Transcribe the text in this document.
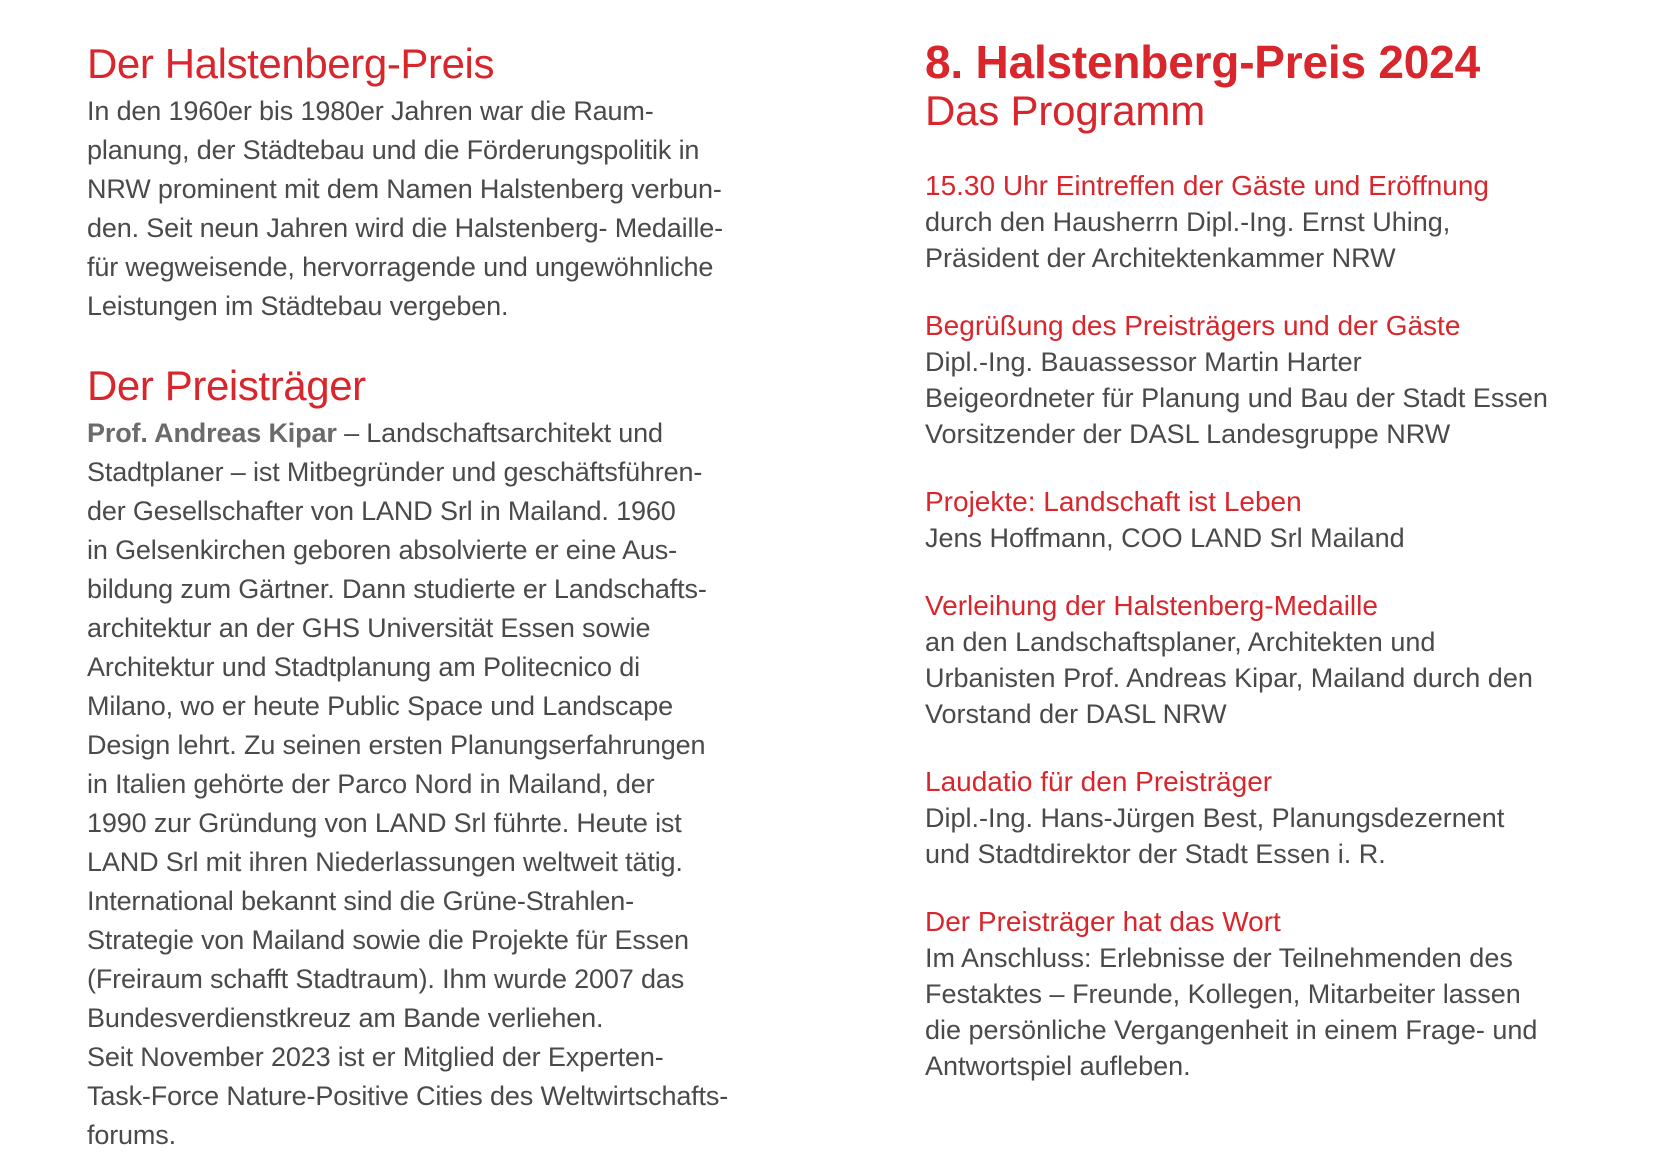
Der Halstenberg-Preis

In den 1960er bis 1980er Jahren war die Raum-
planung, der Städtebau und die Förderungspolitik in
NRW prominent mit dem Namen Halstenberg verbun-
den. Seit neun Jahren wird die Halstenberg- Medaille-
für wegweisende, hervorragende und ungewöhnliche
Leistungen im Städtebau vergeben.

Der Preisträger

Prof. Andreas Kipar – Landschaftsarchitekt und
Stadtplaner – ist Mitbegründer und geschäftsführen-
der Gesellschafter von LAND Srl in Mailand. 1960
in Gelsenkirchen geboren absolvierte er eine Aus-
bildung zum Gärtner. Dann studierte er Landschafts-
architektur an der GHS Universität Essen sowie
Architektur und Stadtplanung am Politecnico di
Milano, wo er heute Public Space und Landscape
Design lehrt. Zu seinen ersten Planungserfahrungen
in Italien gehörte der Parco Nord in Mailand, der
1990 zur Gründung von LAND Srl führte. Heute ist
LAND Srl mit ihren Niederlassungen weltweit tätig.
International bekannt sind die Grüne-Strahlen-
Strategie von Mailand sowie die Projekte für Essen
(Freiraum schafft Stadtraum). Ihm wurde 2007 das
Bundesverdienstkreuz am Bande verliehen.
Seit November 2023 ist er Mitglied der Experten-
Task-Force Nature-Positive Cities des Weltwirtschafts-
forums.

8. Halstenberg-Preis 2024
Das Programm
15.30 Uhr Eintreffen der Gäste und Eröffnung

durch den Hausherrn Dipl.-Ing. Ernst Uhing,
Präsident der Architektenkammer NRW

Begrüßung des Preisträgers und der Gäste

Dipl.-Ing. Bauassessor Martin Harter
Beigeordneter für Planung und Bau der Stadt Essen
Vorsitzender der DASL Landesgruppe NRW

Projekte: Landschaft ist Leben

Jens Hoffmann, COO LAND Srl Mailand

Verleihung der Halstenberg-Medaille

an den Landschaftsplaner, Architekten und
Urbanisten Prof. Andreas Kipar, Mailand durch den
Vorstand der DASL NRW

Laudatio für den Preisträger

Dipl.-Ing. Hans-Jürgen Best, Planungsdezernent
und Stadtdirektor der Stadt Essen i. R.

Der Preisträger hat das Wort

Im Anschluss: Erlebnisse der Teilnehmenden des
Festaktes – Freunde, Kollegen, Mitarbeiter lassen
die persönliche Vergangenheit in einem Frage- und
Antwortspiel aufleben.
